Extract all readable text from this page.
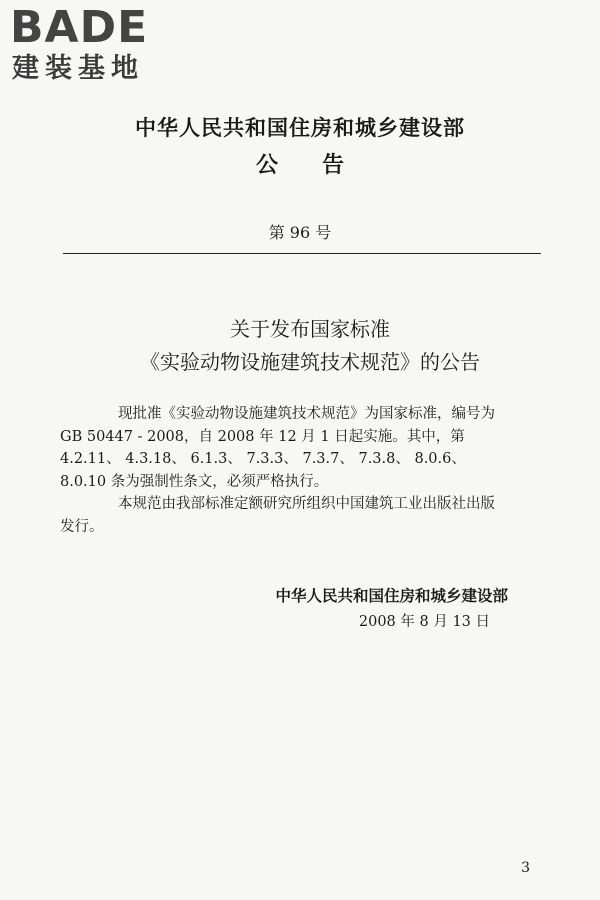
BADE
建装基地
中华人民共和国住房和城乡建设部
公告
第 96 号
关于发布国家标准
《实验动物设施建筑技术规范》的公告

现批准《实验动物设施建筑技术规范》为国家标准，编号为
GB 50447 - 2008，自 2008 年 12 月 1 日起实施。其中，第
4.2.11、 4.3.18、 6.1.3、 7.3.3、 7.3.7、 7.3.8、 8.0.6、
8.0.10 条为强制性条文，必须严格执行。

本规范由我部标准定额研究所组织中国建筑工业出版社出版
发行。

中华人民共和国住房和城乡建设部
2008 年 8 月 13 日
3
